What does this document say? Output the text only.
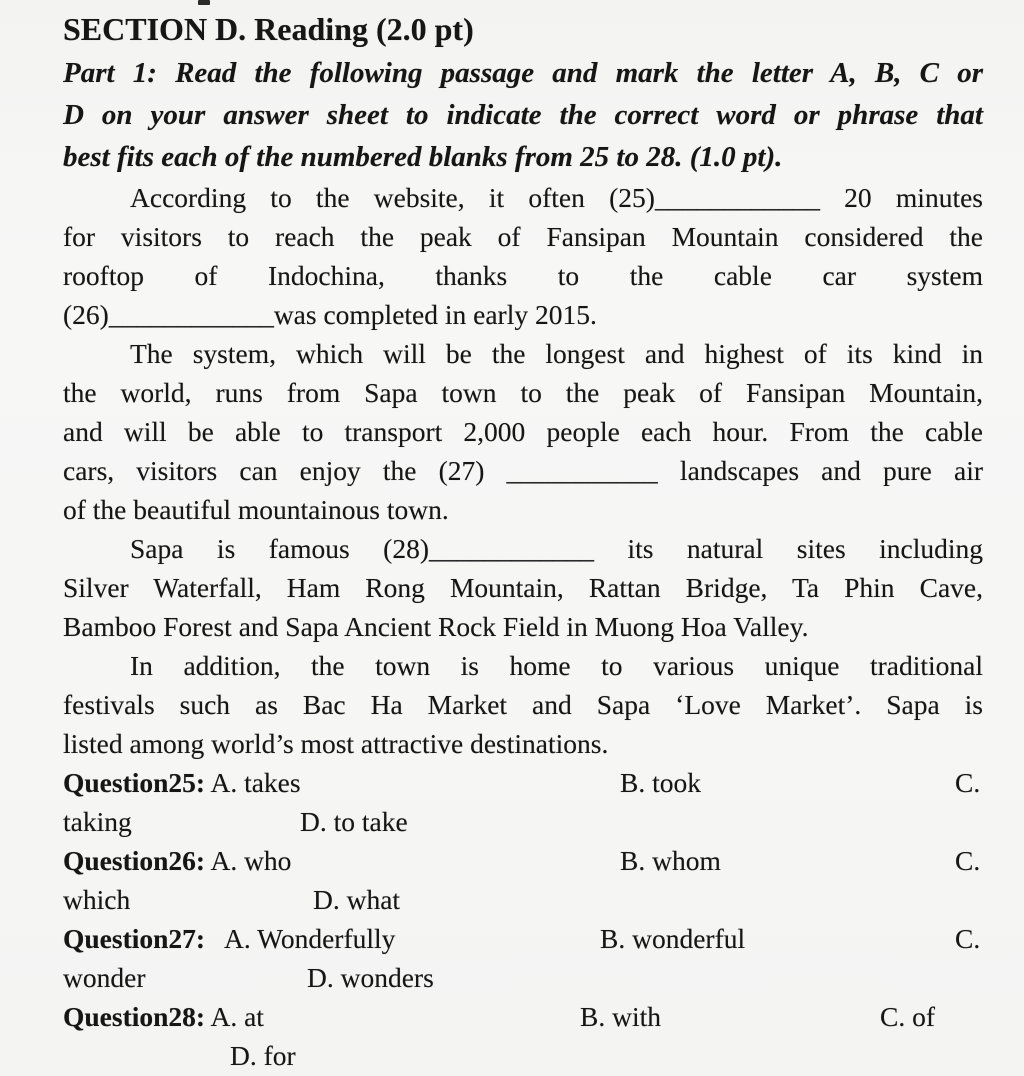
SECTION D. Reading (2.0 pt)
Part 1: Read the following passage and mark the letter A, B, C or
D on your answer sheet to indicate the correct word or phrase that
best fits each of the numbered blanks from 25 to 28. (1.0 pt).
According to the website, it often (25)____________ 20 minutes
for visitors to reach the peak of Fansipan Mountain considered the
rooftop of Indochina, thanks to the cable car system
(26)____________was completed in early 2015.
The system, which will be the longest and highest of its kind in
the world, runs from Sapa town to the peak of Fansipan Mountain,
and will be able to transport 2,000 people each hour. From the cable
cars, visitors can enjoy the (27) ___________ landscapes and pure air
of the beautiful mountainous town.
Sapa is famous (28)____________ its natural sites including
Silver Waterfall, Ham Rong Mountain, Rattan Bridge, Ta Phin Cave,
Bamboo Forest and Sapa Ancient Rock Field in Muong Hoa Valley.
In addition, the town is home to various unique traditional
festivals such as Bac Ha Market and Sapa ‘Love Market’. Sapa is
listed among world’s most attractive destinations.
Question25: A. takes	B. took	C.
taking	D. to take
Question26: A. who	B. whom	C.
which	D. what
Question27: A. Wonderfully	B. wonderful	C.
wonder	D. wonders
Question28: A. at	B. with	C. of
D. for
